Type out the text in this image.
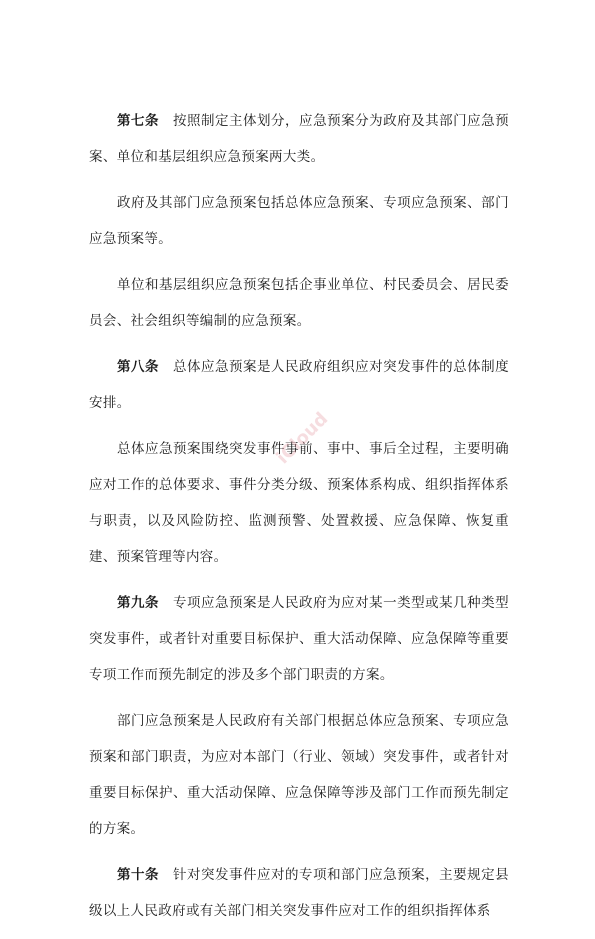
第七条 按照制定主体划分，应急预案分为政府及其部门应急预案、单位和基层组织应急预案两大类。

政府及其部门应急预案包括总体应急预案、专项应急预案、部门应急预案等。

单位和基层组织应急预案包括企事业单位、村民委员会、居民委员会、社会组织等编制的应急预案。

第八条 总体应急预案是人民政府组织应对突发事件的总体制度安排。

总体应急预案围绕突发事件事前、事中、事后全过程，主要明确应对工作的总体要求、事件分类分级、预案体系构成、组织指挥体系与职责，以及风险防控、监测预警、处置救援、应急保障、恢复重建、预案管理等内容。

第九条 专项应急预案是人民政府为应对某一类型或某几种类型突发事件，或者针对重要目标保护、重大活动保障、应急保障等重要专项工作而预先制定的涉及多个部门职责的方案。

部门应急预案是人民政府有关部门根据总体应急预案、专项应急预案和部门职责，为应对本部门（行业、领域）突发事件，或者针对重要目标保护、重大活动保障、应急保障等涉及部门工作而预先制定的方案。

第十条 针对突发事件应对的专项和部门应急预案，主要规定县级以上人民政府或有关部门相关突发事件应对工作的组织指挥体系

iCloud
